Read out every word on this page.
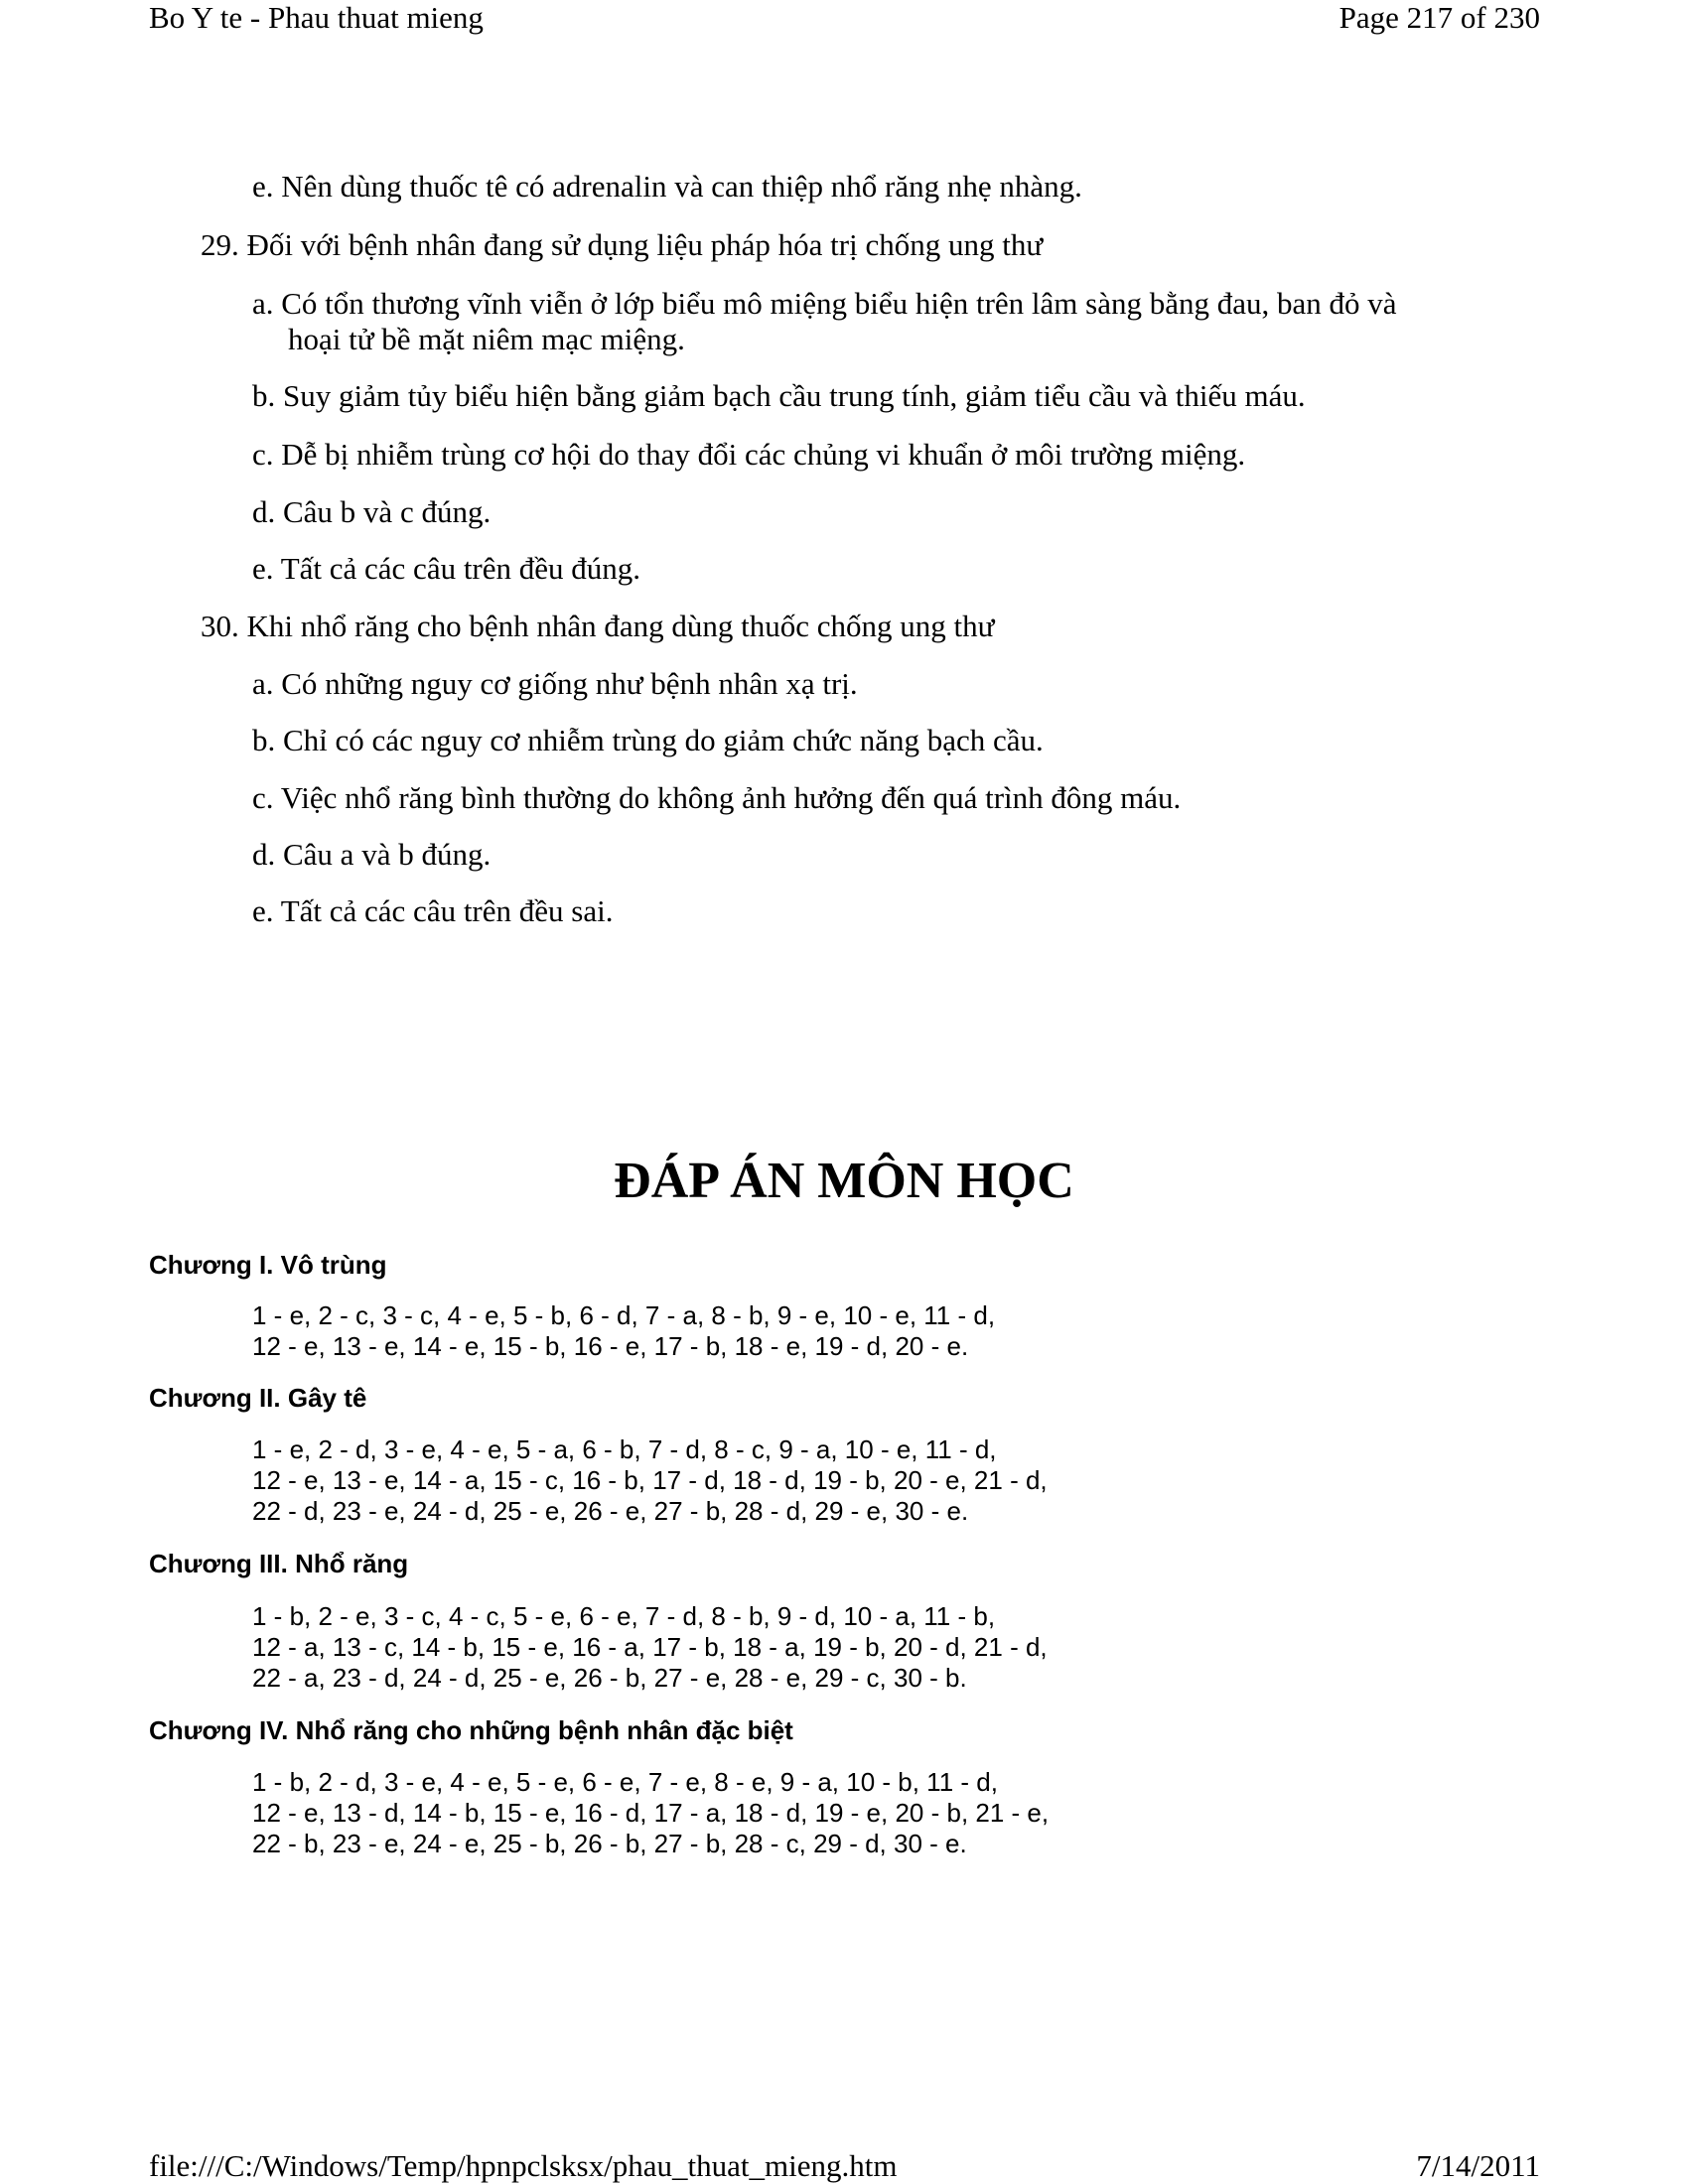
Bo Y te - Phau thuat mieng	Page 217 of 230
e. Nên dùng thuốc tê có adrenalin và can thiệp nhổ răng nhẹ nhàng.
29. Đối với bệnh nhân đang sử dụng liệu pháp hóa trị chống ung thư
a. Có tổn thương vĩnh viễn ở lớp biểu mô miệng biểu hiện trên lâm sàng bằng đau, ban đỏ và
hoại tử bề mặt niêm mạc miệng.
b. Suy giảm tủy biểu hiện bằng giảm bạch cầu trung tính, giảm tiểu cầu và thiếu máu.
c. Dễ bị nhiễm trùng cơ hội do thay đổi các chủng vi khuẩn ở môi trường miệng.
d. Câu b và c đúng.
e. Tất cả các câu trên đều đúng.
30. Khi nhổ răng cho bệnh nhân đang dùng thuốc chống ung thư
a. Có những nguy cơ giống như bệnh nhân xạ trị.
b. Chỉ có các nguy cơ nhiễm trùng do giảm chức năng bạch cầu.
c. Việc nhổ răng bình thường do không ảnh hưởng đến quá trình đông máu.
d. Câu a và b đúng.
e. Tất cả các câu trên đều sai.
ĐÁP ÁN MÔN HỌC
Chương I. Vô trùng
1 - e, 2 - c, 3 - c, 4 - e, 5 - b, 6 - d, 7 - a, 8 - b, 9 - e, 10 - e, 11 - d,
12 - e, 13 - e, 14 - e, 15 - b, 16 - e, 17 - b, 18 - e, 19 - d, 20 - e.
Chương II. Gây tê
1 - e, 2 - d, 3 - e, 4 - e, 5 - a, 6 - b, 7 - d, 8 - c, 9 - a, 10 - e, 11 - d,
12 - e, 13 - e, 14 - a, 15 - c, 16 - b, 17 - d, 18 - d, 19 - b, 20 - e, 21 - d,
22 - d, 23 - e, 24 - d, 25 - e, 26 - e, 27 - b, 28 - d, 29 - e, 30 - e.
Chương III. Nhổ răng
1 - b, 2 - e, 3 - c, 4 - c, 5 - e, 6 - e, 7 - d, 8 - b, 9 - d, 10 - a, 11 - b,
12 - a, 13 - c, 14 - b, 15 - e, 16 - a, 17 - b, 18 - a, 19 - b, 20 - d, 21 - d,
22 - a, 23 - d, 24 - d, 25 - e, 26 - b, 27 - e, 28 - e, 29 - c, 30 - b.
Chương IV. Nhổ răng cho những bệnh nhân đặc biệt
1 - b, 2 - d, 3 - e, 4 - e, 5 - e, 6 - e, 7 - e, 8 - e, 9 - a, 10 - b, 11 - d,
12 - e, 13 - d, 14 - b, 15 - e, 16 - d, 17 - a, 18 - d, 19 - e, 20 - b, 21 - e,
22 - b, 23 - e, 24 - e, 25 - b, 26 - b, 27 - b, 28 - c, 29 - d, 30 - e.
file:///C:/Windows/Temp/hpnpclsksx/phau_thuat_mieng.htm	7/14/2011
